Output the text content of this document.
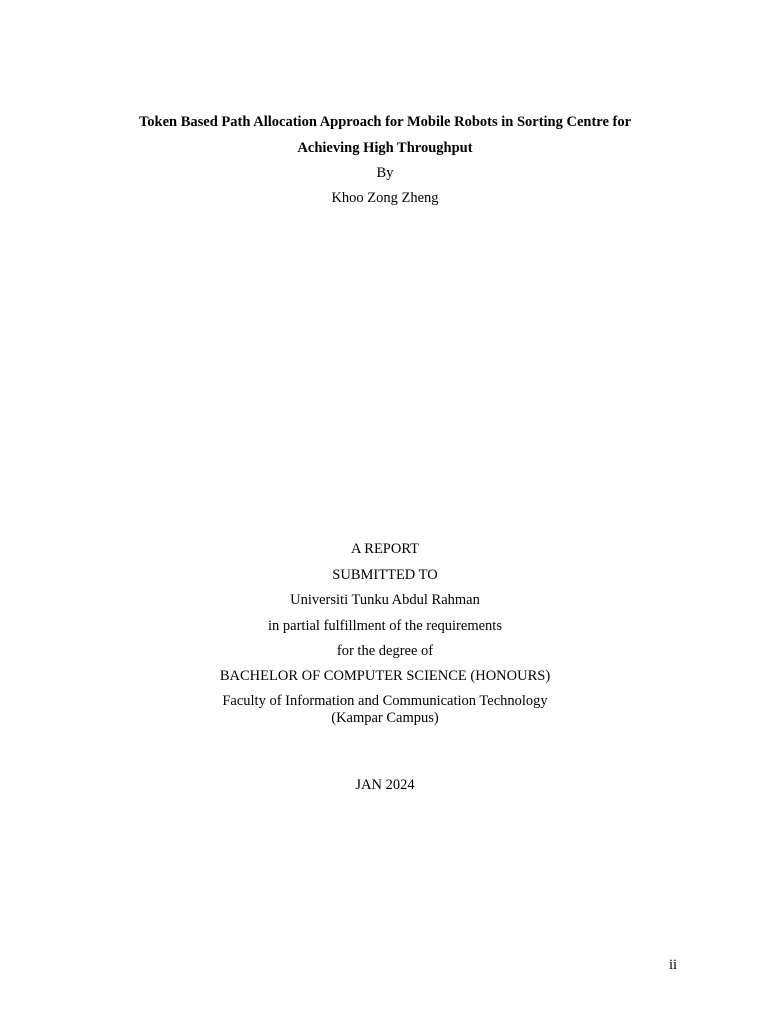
Token Based Path Allocation Approach for Mobile Robots in Sorting Centre for
Achieving High Throughput
By
Khoo Zong Zheng
A REPORT
SUBMITTED TO
Universiti Tunku Abdul Rahman
in partial fulfillment of the requirements
for the degree of
BACHELOR OF COMPUTER SCIENCE (HONOURS)
Faculty of Information and Communication Technology
(Kampar Campus)
JAN 2024
ii
